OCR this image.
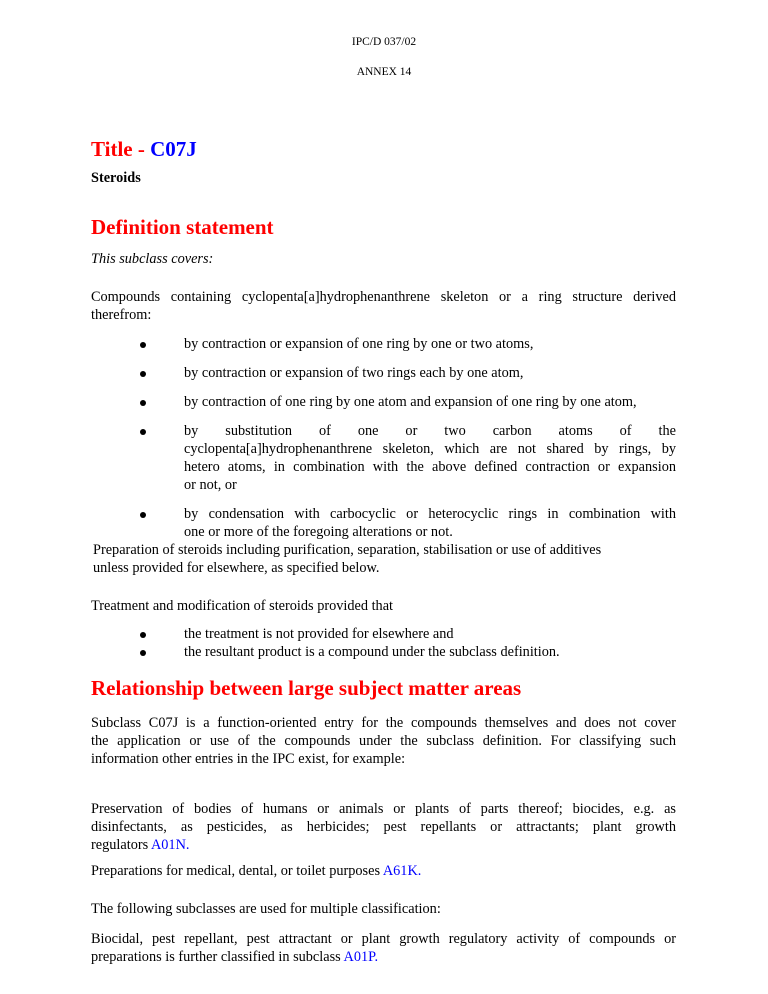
IPC/D 037/02
ANNEX 14
Title - C07J
Steroids
Definition statement
This subclass covers:
Compounds containing cyclopenta[a]hydrophenanthrene skeleton or a ring structure derived
therefrom:
by contraction or expansion of one ring by one or two atoms,
by contraction or expansion of two rings each by one atom,
by contraction of one ring by one atom and expansion of one ring by one atom,
by substitution of one or two carbon atoms of the
cyclopenta[a]hydrophenanthrene skeleton, which are not shared by rings, by
hetero atoms, in combination with the above defined contraction or expansion
or not, or
by condensation with carbocyclic or heterocyclic rings in combination with
one or more of the foregoing alterations or not.
Preparation of steroids including purification, separation, stabilisation or use of additives
unless provided for elsewhere, as specified below.
Treatment and modification of steroids provided that
the treatment is not provided for elsewhere and
the resultant product is a compound under the subclass definition.
Relationship between large subject matter areas
Subclass C07J is a function-oriented entry for the compounds themselves and does not cover
the application or use of the compounds under the subclass definition. For classifying such
information other entries in the IPC exist, for example:
Preservation of bodies of humans or animals or plants of parts thereof; biocides, e.g. as
disinfectants, as pesticides, as herbicides; pest repellants or attractants; plant growth
regulators A01N.
Preparations for medical, dental, or toilet purposes A61K.
The following subclasses are used for multiple classification:
Biocidal, pest repellant, pest attractant or plant growth regulatory activity of compounds or
preparations is further classified in subclass A01P.
